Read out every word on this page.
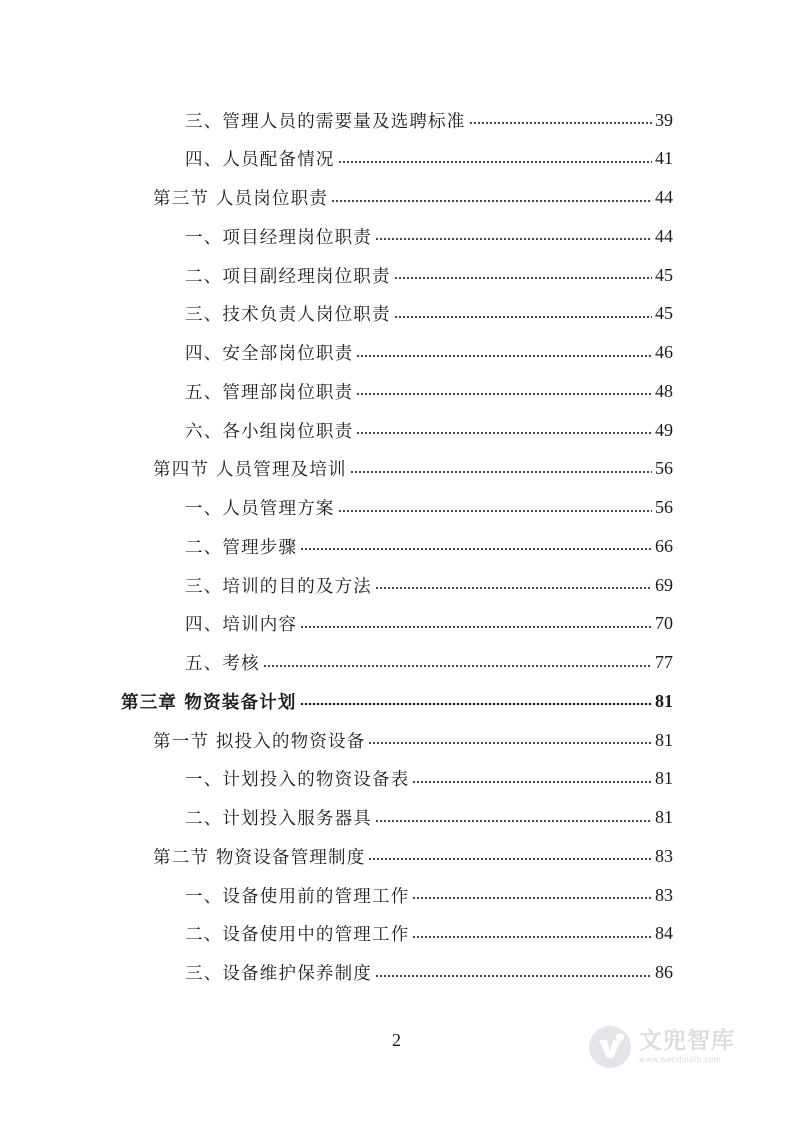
三、管理人员的需要量及选聘标准	39
四、人员配备情况	41
第三节 人员岗位职责	44
一、项目经理岗位职责	44
二、项目副经理岗位职责	45
三、技术负责人岗位职责	45
四、安全部岗位职责	46
五、管理部岗位职责	48
六、各小组岗位职责	49
第四节 人员管理及培训	56
一、人员管理方案	56
二、管理步骤	66
三、培训的目的及方法	69
四、培训内容	70
五、考核	77
第三章 物资装备计划	81
第一节 拟投入的物资设备	81
一、计划投入的物资设备表	81
二、计划投入服务器具	81
第二节 物资设备管理制度	83
一、设备使用前的管理工作	83
二、设备使用中的管理工作	84
三、设备维护保养制度	86
2	文兜智库
www.wendoulib.com
